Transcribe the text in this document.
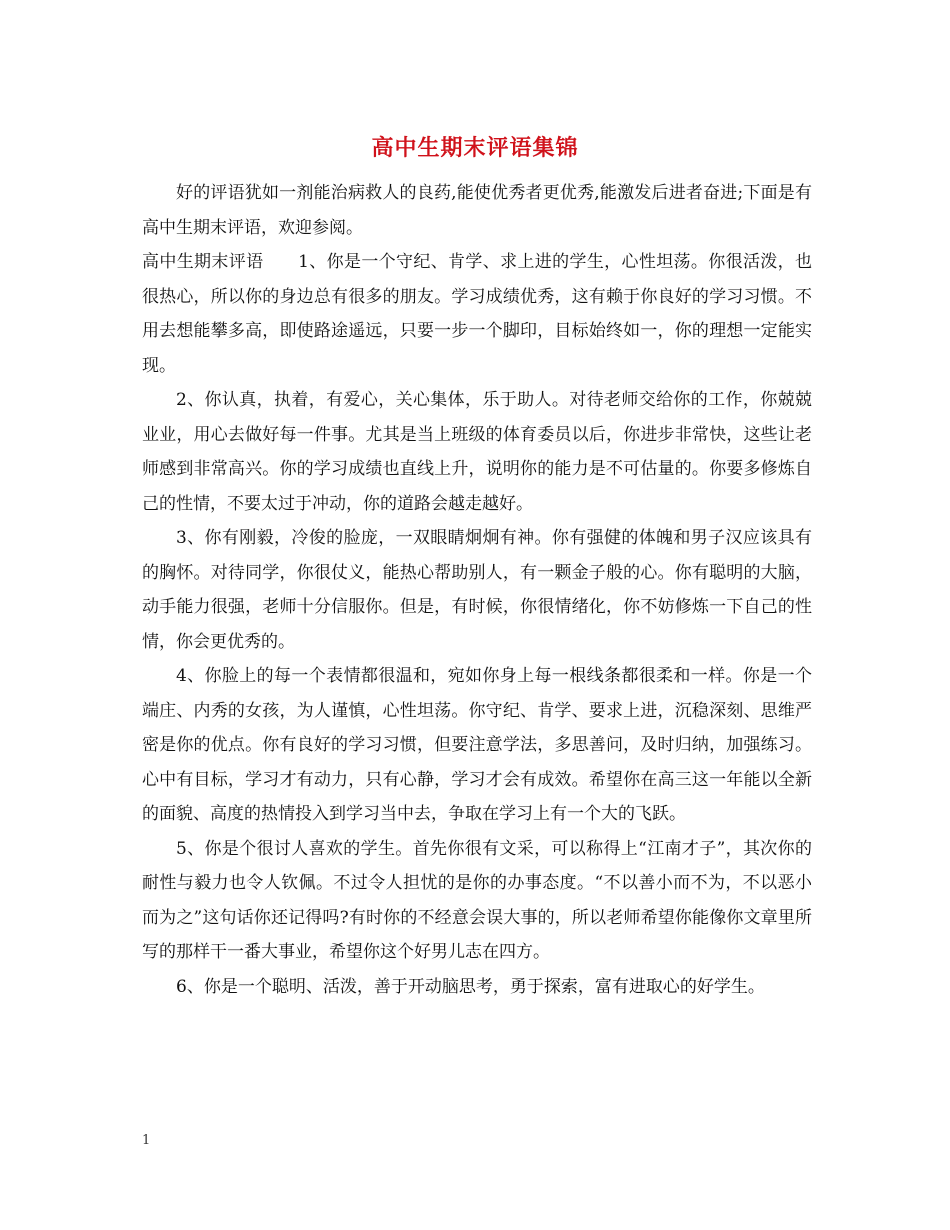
高中生期末评语集锦

好的评语犹如一剂能治病救人的良药,能使优秀者更优秀,能激发后进者奋进;下面是有高中生期末评语，欢迎参阅。

高中生期末评语　　1、你是一个守纪、肯学、求上进的学生，心性坦荡。你很活泼，也很热心，所以你的身边总有很多的朋友。学习成绩优秀，这有赖于你良好的学习习惯。不用去想能攀多高，即使路途遥远，只要一步一个脚印，目标始终如一，你的理想一定能实现。

2、你认真，执着，有爱心，关心集体，乐于助人。对待老师交给你的工作，你兢兢业业，用心去做好每一件事。尤其是当上班级的体育委员以后，你进步非常快，这些让老师感到非常高兴。你的学习成绩也直线上升，说明你的能力是不可估量的。你要多修炼自己的性情，不要太过于冲动，你的道路会越走越好。

3、你有刚毅，冷俊的脸庞，一双眼睛炯炯有神。你有强健的体魄和男子汉应该具有的胸怀。对待同学，你很仗义，能热心帮助别人，有一颗金子般的心。你有聪明的大脑，动手能力很强，老师十分信服你。但是，有时候，你很情绪化，你不妨修炼一下自己的性情，你会更优秀的。

4、你脸上的每一个表情都很温和，宛如你身上每一根线条都很柔和一样。你是一个端庄、内秀的女孩，为人谨慎，心性坦荡。你守纪、肯学、要求上进，沉稳深刻、思维严密是你的优点。你有良好的学习习惯，但要注意学法，多思善问，及时归纳，加强练习。心中有目标，学习才有动力，只有心静，学习才会有成效。希望你在高三这一年能以全新的面貌、高度的热情投入到学习当中去，争取在学习上有一个大的飞跃。

5、你是个很讨人喜欢的学生。首先你很有文采，可以称得上“江南才子”，其次你的耐性与毅力也令人钦佩。不过令人担忧的是你的办事态度。“不以善小而不为，不以恶小而为之”这句话你还记得吗?有时你的不经意会误大事的，所以老师希望你能像你文章里所写的那样干一番大事业，希望你这个好男儿志在四方。

6、你是一个聪明、活泼，善于开动脑思考，勇于探索，富有进取心的好学生。

1
